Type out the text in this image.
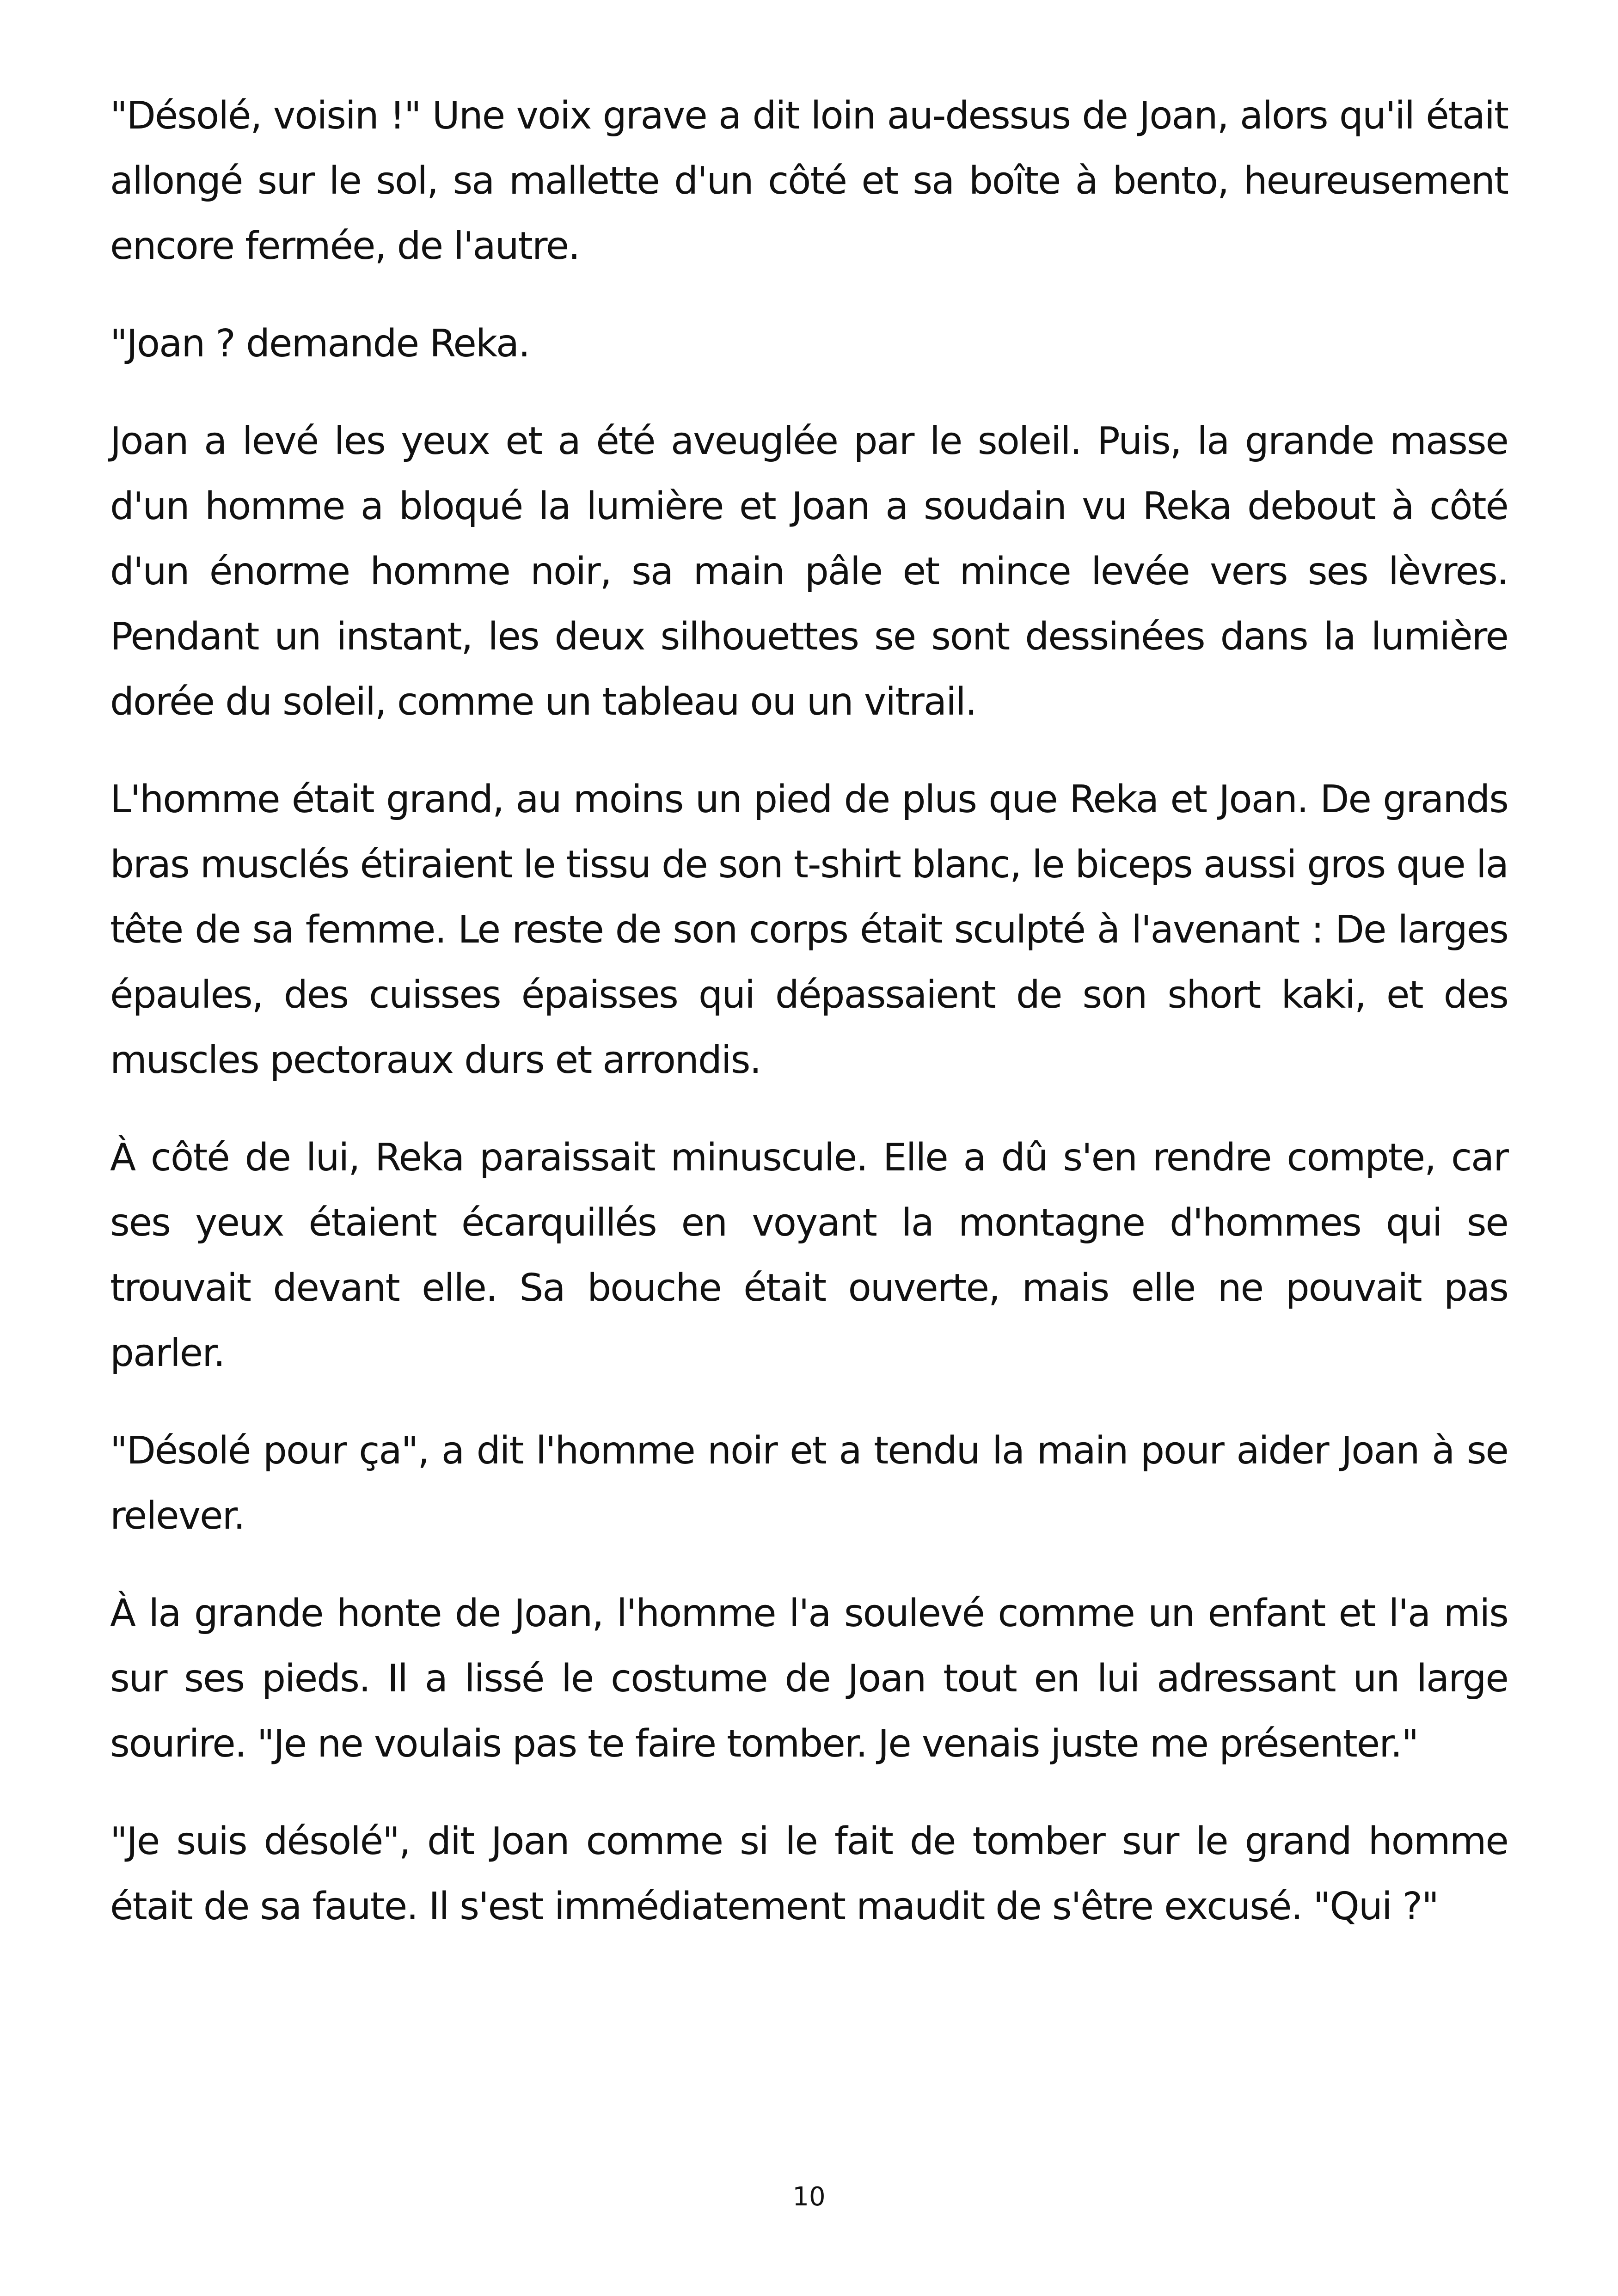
"Désolé, voisin !" Une voix grave a dit loin au-dessus de Joan, alors qu'il était allongé sur le sol, sa mallette d'un côté et sa boîte à bento, heureusement encore fermée, de l'autre.

"Joan ? demande Reka.

Joan a levé les yeux et a été aveuglée par le soleil. Puis, la grande masse d'un homme a bloqué la lumière et Joan a soudain vu Reka debout à côté d'un énorme homme noir, sa main pâle et mince levée vers ses lèvres. Pendant un instant, les deux silhouettes se sont dessinées dans la lumière dorée du soleil, comme un tableau ou un vitrail.

L'homme était grand, au moins un pied de plus que Reka et Joan. De grands bras musclés étiraient le tissu de son t-shirt blanc, le biceps aussi gros que la tête de sa femme. Le reste de son corps était sculpté à l'avenant : De larges épaules, des cuisses épaisses qui dépassaient de son short kaki, et des muscles pectoraux durs et arrondis.

À côté de lui, Reka paraissait minuscule. Elle a dû s'en rendre compte, car ses yeux étaient écarquillés en voyant la montagne d'hommes qui se trouvait devant elle. Sa bouche était ouverte, mais elle ne pouvait pas parler.

"Désolé pour ça", a dit l'homme noir et a tendu la main pour aider Joan à se relever.

À la grande honte de Joan, l'homme l'a soulevé comme un enfant et l'a mis sur ses pieds. Il a lissé le costume de Joan tout en lui adressant un large sourire. "Je ne voulais pas te faire tomber. Je venais juste me présenter."

"Je suis désolé", dit Joan comme si le fait de tomber sur le grand homme était de sa faute. Il s'est immédiatement maudit de s'être excusé. "Qui ?"

10
